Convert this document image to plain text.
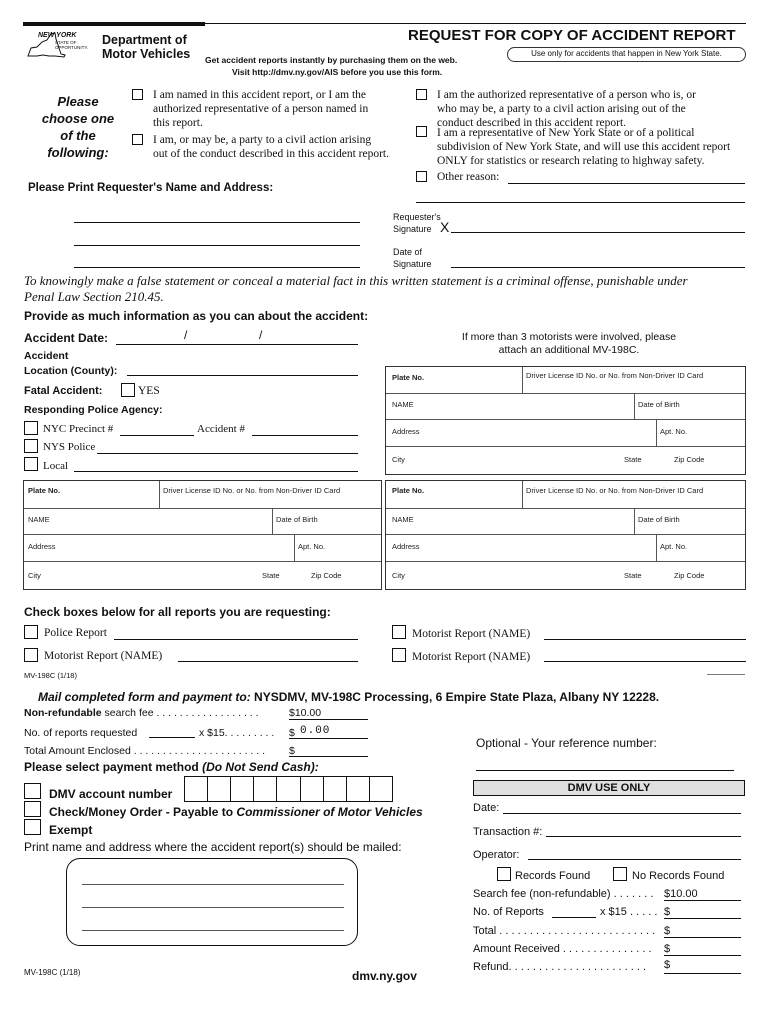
NEW YORK
STATE OF
OPPORTUNITY.
Department of
Motor Vehicles
REQUEST FOR COPY OF ACCIDENT REPORT
Use only for accidents that happen in New York State.
Get accident reports instantly by purchasing them on the web.
Visit http://dmv.ny.gov/AIS before you use this form.
Please
choose one
of the
following:
I am named in this accident report, or I am the
authorized representative of a person named in
this report.
I am, or may be, a party to a civil action arising
out of the conduct described in this accident report.
I am the authorized representative of a person who is, or
who may be, a party to a civil action arising out of the
conduct described in this accident report.
I am a representative of New York State or of a political
subdivision of New York State, and will use this accident report
ONLY for statistics or research relating to highway safety.
Other reason:
Please Print Requester's Name and Address:
Requester's
Signature X
Date of
Signature
To knowingly make a false statement or conceal a material fact in this written statement is a criminal offense, punishable under
Penal Law Section 210.45.
Provide as much information as you can about the accident:
Accident Date:	/	/
Accident
Location (County):
Fatal Accident:	YES
Responding Police Agency:
NYC Precinct #	Accident #
NYS Police
Local
If more than 3 motorists were involved, please
attach an additional MV-198C.
Plate No.	Driver License ID No. or No. from Non-Driver ID Card
NAME	Date of Birth
Address	Apt. No.
City	State	Zip Code
Plate No.	Driver License ID No. or No. from Non-Driver ID Card
NAME	Date of Birth
Address	Apt. No.
City	State	Zip Code
Plate No.	Driver License ID No. or No. from Non-Driver ID Card
NAME	Date of Birth
Address	Apt. No.
City	State	Zip Code
Check boxes below for all reports you are requesting:
Police Report
Motorist Report (NAME)
Motorist Report (NAME)
Motorist Report (NAME)
MV-198C (1/18)
Mail completed form and payment to: NYSDMV, MV-198C Processing, 6 Empire State Plaza, Albany NY 12228.
Non-refundable search fee . . . . . . . . . . . . . . . . . .	$10.00
No. of reports requested	x $15. . . . . . . . . $ 0.00
Total Amount Enclosed . . . . . . . . . . . . . . . . . . . . . . . $
Please select payment method (Do Not Send Cash):
DMV account number
Check/Money Order - Payable to Commissioner of Motor Vehicles
Exempt
Print name and address where the accident report(s) should be mailed:
Optional - Your reference number:
DMV USE ONLY
Date:
Transaction #:
Operator:
Records Found	No Records Found
Search fee (non-refundable) . . . . . . . $10.00
No. of Reports	x $15 . . . . . $
Total . . . . . . . . . . . . . . . . . . . . . . . . . . $
Amount Received . . . . . . . . . . . . . . . $
Refund. . . . . . . . . . . . . . . . . . . . . . . $
MV-198C (1/18)	dmv.ny.gov
